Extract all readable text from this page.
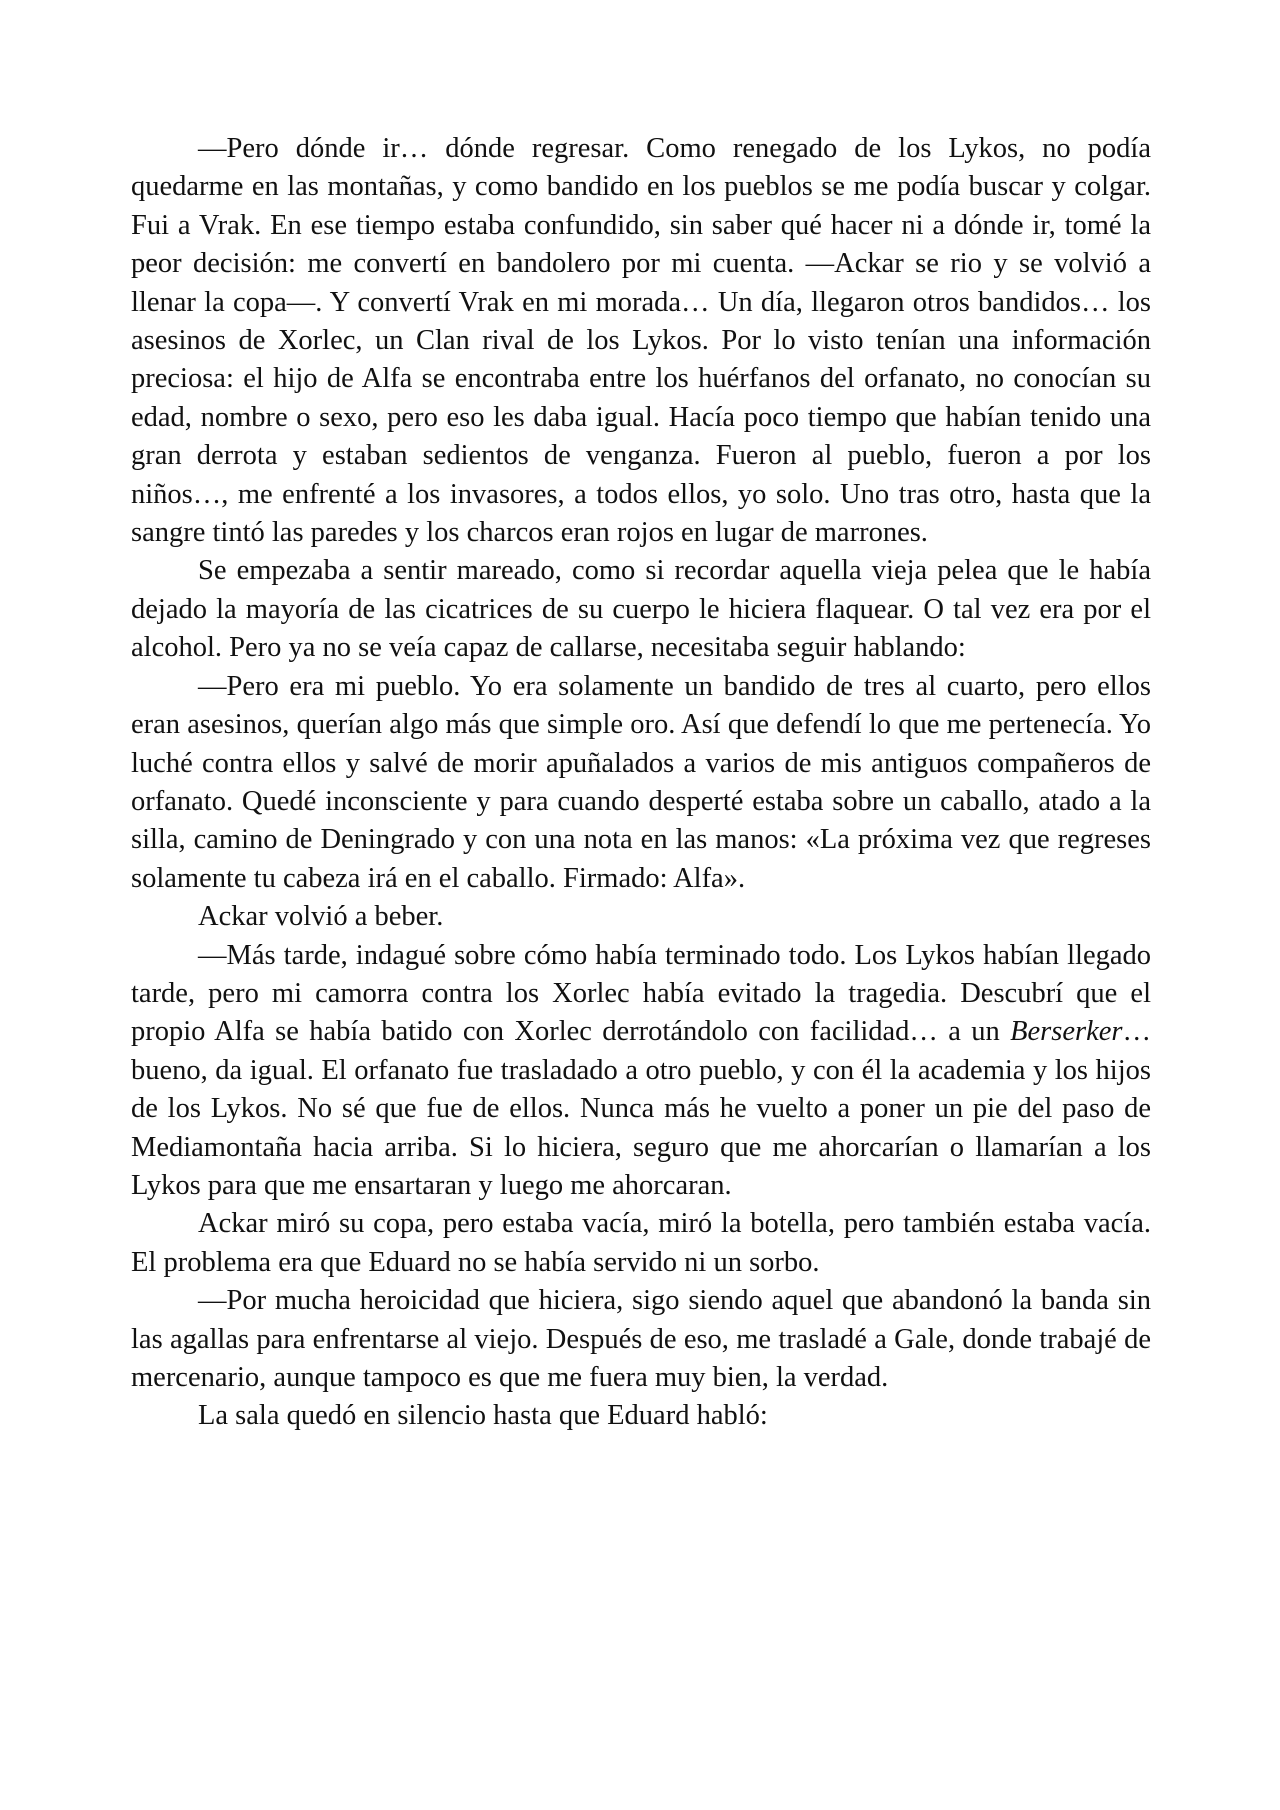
—Pero dónde ir… dónde regresar. Como renegado de los Lykos, no podía quedarme en las montañas, y como bandido en los pueblos se me podía buscar y colgar. Fui a Vrak. En ese tiempo estaba confundido, sin saber qué hacer ni a dónde ir, tomé la peor decisión: me convertí en bandolero por mi cuenta. —Ackar se rio y se volvió a llenar la copa—. Y convertí Vrak en mi morada… Un día, llegaron otros bandidos… los asesinos de Xorlec, un Clan rival de los Lykos. Por lo visto tenían una información preciosa: el hijo de Alfa se encontraba entre los huérfanos del orfanato, no conocían su edad, nombre o sexo, pero eso les daba igual. Hacía poco tiempo que habían tenido una gran derrota y estaban sedientos de venganza. Fueron al pueblo, fueron a por los niños…, me enfrenté a los invasores, a todos ellos, yo solo. Uno tras otro, hasta que la sangre tintó las paredes y los charcos eran rojos en lugar de marrones.

Se empezaba a sentir mareado, como si recordar aquella vieja pelea que le había dejado la mayoría de las cicatrices de su cuerpo le hiciera flaquear. O tal vez era por el alcohol. Pero ya no se veía capaz de callarse, necesitaba seguir hablando:

—Pero era mi pueblo. Yo era solamente un bandido de tres al cuarto, pero ellos eran asesinos, querían algo más que simple oro. Así que defendí lo que me pertenecía. Yo luché contra ellos y salvé de morir apuñalados a varios de mis antiguos compañeros de orfanato. Quedé inconsciente y para cuando desperté estaba sobre un caballo, atado a la silla, camino de Deningrado y con una nota en las manos: «La próxima vez que regreses solamente tu cabeza irá en el caballo. Firmado: Alfa».

Ackar volvió a beber.

—Más tarde, indagué sobre cómo había terminado todo. Los Lykos habían llegado tarde, pero mi camorra contra los Xorlec había evitado la tragedia. Descubrí que el propio Alfa se había batido con Xorlec derrotándolo con facilidad… a un Berserker… bueno, da igual. El orfanato fue trasladado a otro pueblo, y con él la academia y los hijos de los Lykos. No sé que fue de ellos. Nunca más he vuelto a poner un pie del paso de Mediamontaña hacia arriba. Si lo hiciera, seguro que me ahorcarían o llamarían a los Lykos para que me ensartaran y luego me ahorcaran.

Ackar miró su copa, pero estaba vacía, miró la botella, pero también estaba vacía. El problema era que Eduard no se había servido ni un sorbo.

—Por mucha heroicidad que hiciera, sigo siendo aquel que abandonó la banda sin las agallas para enfrentarse al viejo. Después de eso, me trasladé a Gale, donde trabajé de mercenario, aunque tampoco es que me fuera muy bien, la verdad.

La sala quedó en silencio hasta que Eduard habló:
